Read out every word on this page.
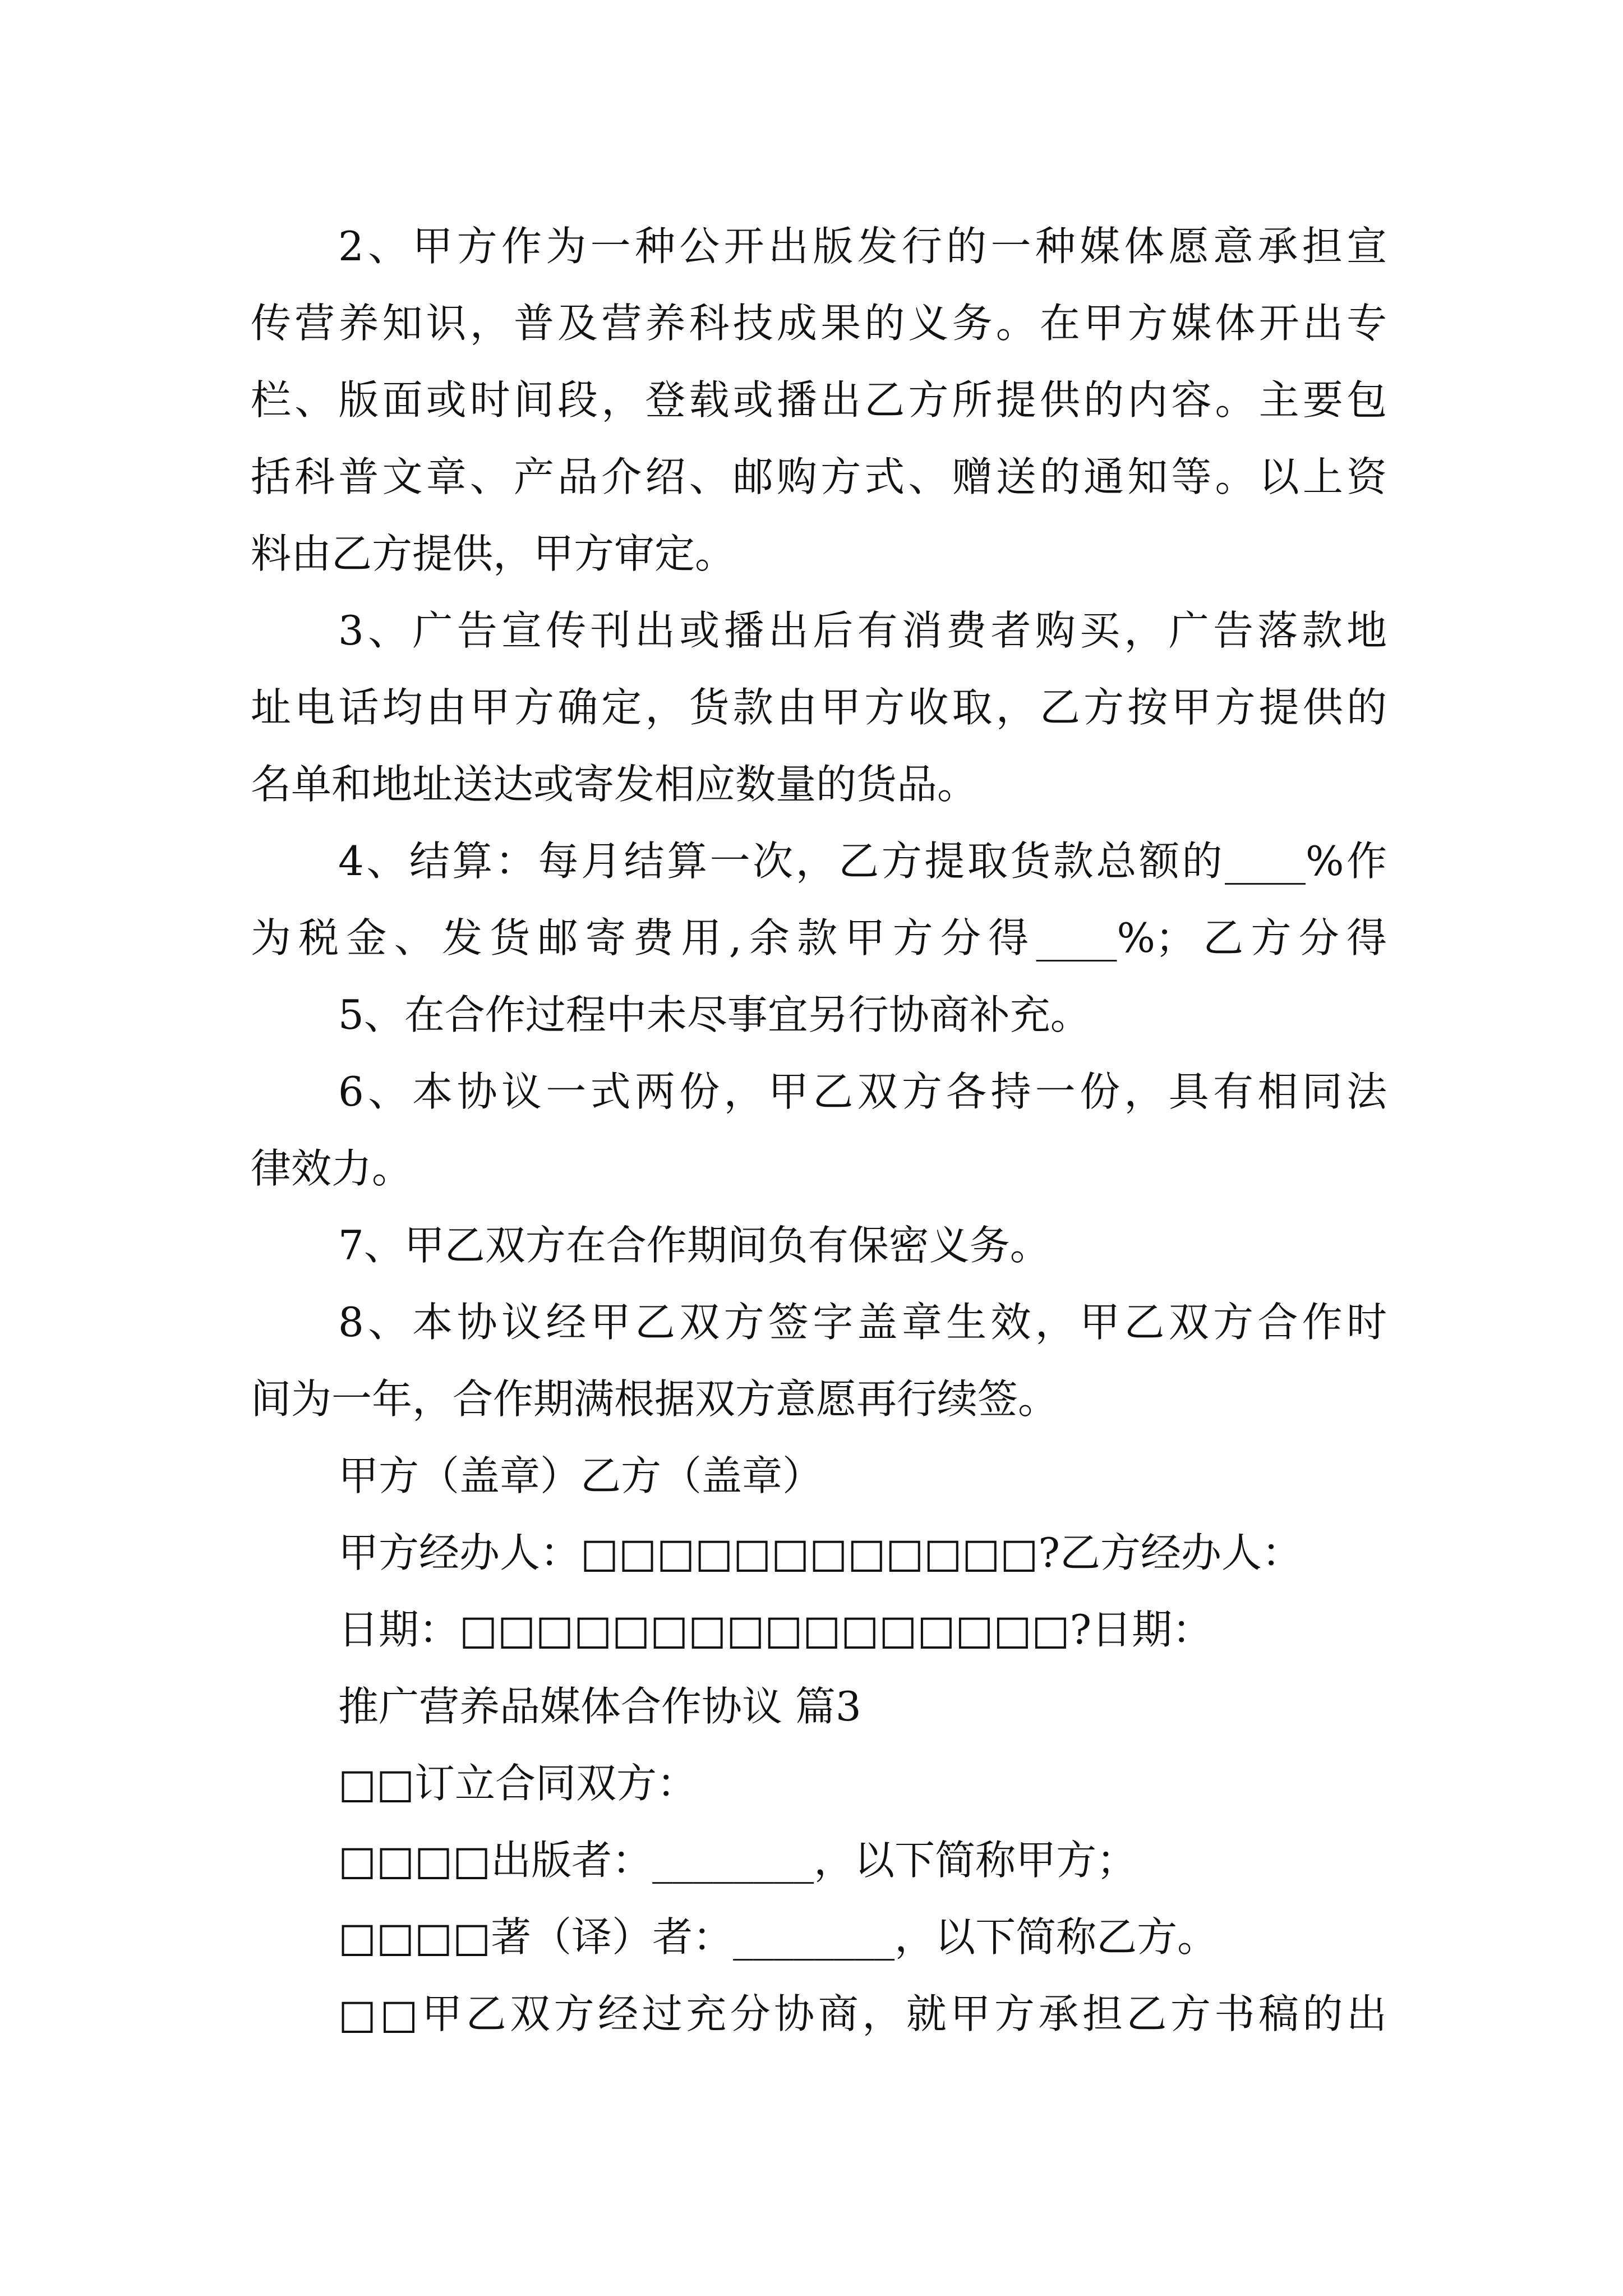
2、甲方作为一种公开出版发行的一种媒体愿意承担宣
传营养知识，普及营养科技成果的义务。在甲方媒体开出专
栏、版面或时间段，登载或播出乙方所提供的内容。主要包
括科普文章、产品介绍、邮购方式、赠送的通知等。以上资
料由乙方提供，甲方审定。
3、广告宣传刊出或播出后有消费者购买，广告落款地
址电话均由甲方确定，货款由甲方收取，乙方按甲方提供的
名单和地址送达或寄发相应数量的货品。
4、结算：每月结算一次，乙方提取货款总额的____%作
为税金、发货邮寄费用,余款甲方分得____%；乙方分得
5、在合作过程中未尽事宜另行协商补充。
6、本协议一式两份，甲乙双方各持一份，具有相同法
律效力。
7、甲乙双方在合作期间负有保密义务。
8、本协议经甲乙双方签字盖章生效，甲乙双方合作时
间为一年，合作期满根据双方意愿再行续签。
甲方（盖章）乙方（盖章）
甲方经办人：□□□□□□□□□□□□?乙方经办人：
日期：□□□□□□□□□□□□□□□□?日期：
推广营养品媒体合作协议 篇3
□□订立合同双方：
□□□□出版者：________，以下简称甲方；
□□□□著（译）者：________，以下简称乙方。
□□甲乙双方经过充分协商，就甲方承担乙方书稿的出
